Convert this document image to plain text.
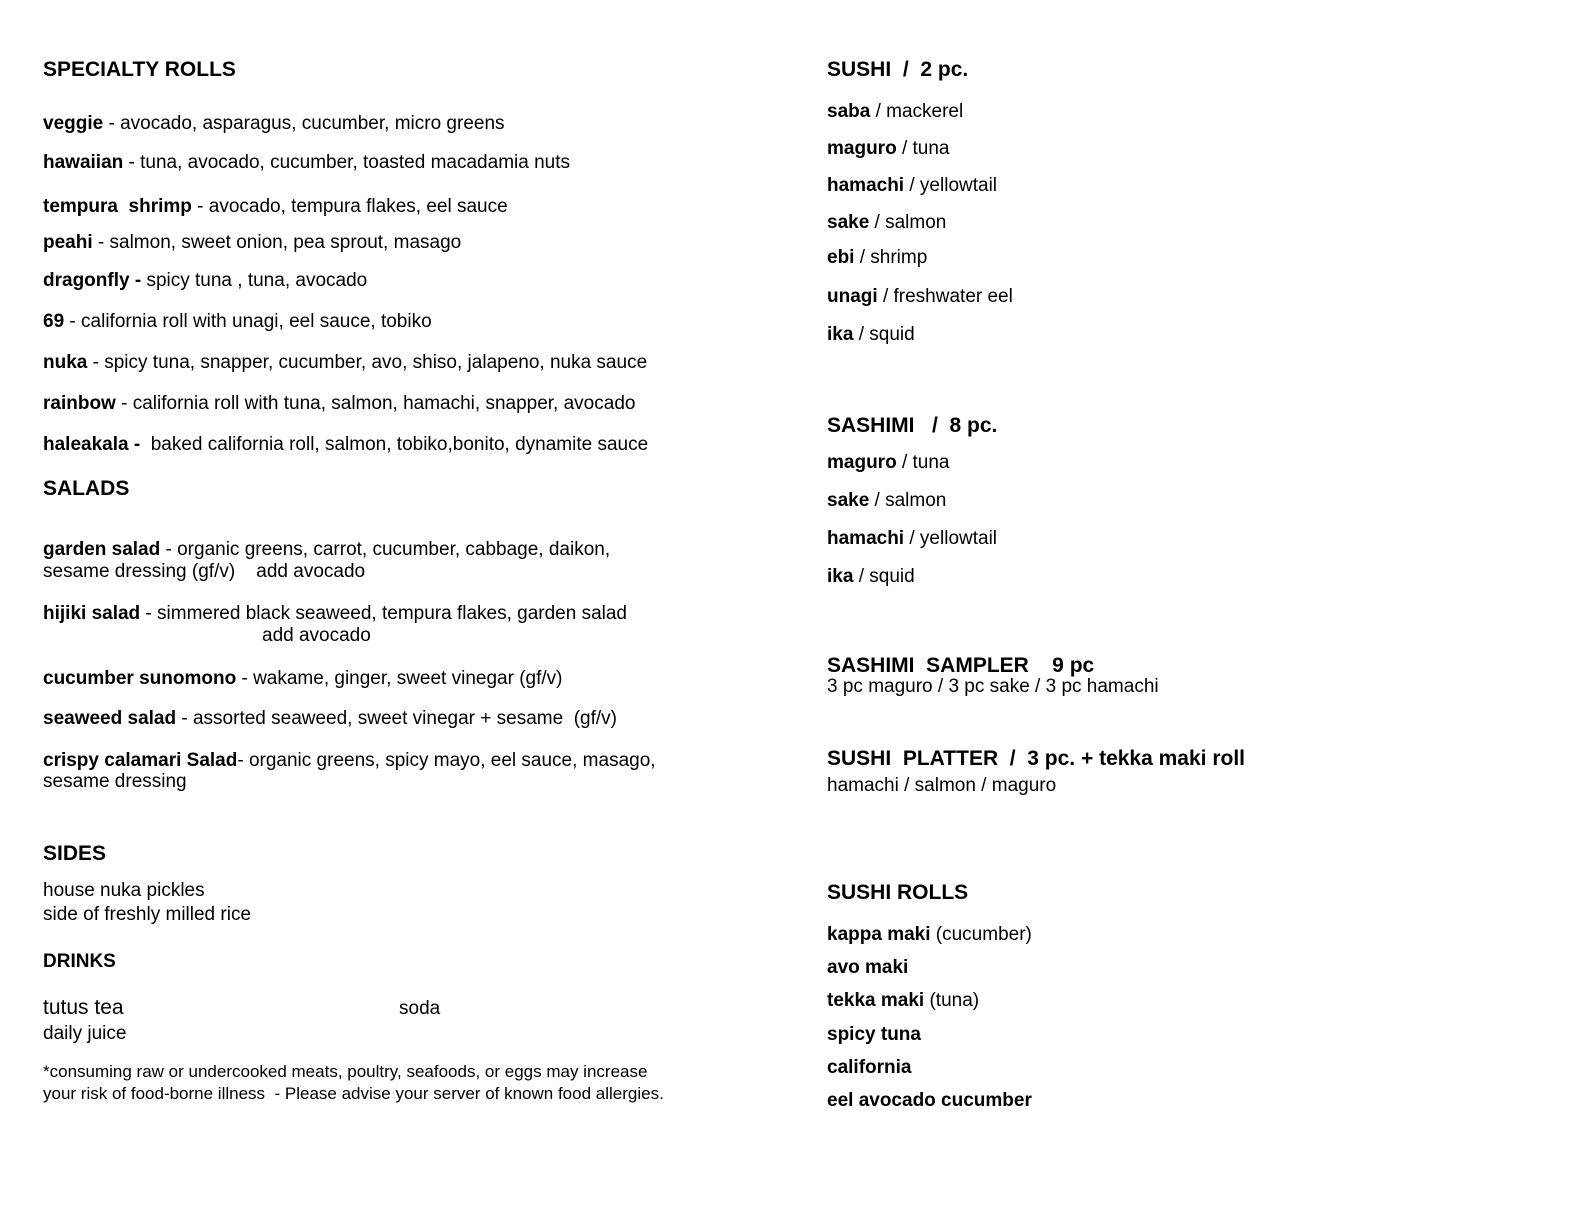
SPECIALTY ROLLS
veggie - avocado, asparagus, cucumber, micro greens
hawaiian - tuna, avocado, cucumber, toasted macadamia nuts
tempura  shrimp - avocado, tempura flakes, eel sauce
peahi - salmon, sweet onion, pea sprout, masago
dragonfly - spicy tuna , tuna, avocado
69 - california roll with unagi, eel sauce, tobiko
nuka - spicy tuna, snapper, cucumber, avo, shiso, jalapeno, nuka sauce
rainbow - california roll with tuna, salmon, hamachi, snapper, avocado
haleakala -  baked california roll, salmon, tobiko,bonito, dynamite sauce
SALADS
garden salad - organic greens, carrot, cucumber, cabbage, daikon,
sesame dressing (gf/v)    add avocado
hijiki salad - simmered black seaweed, tempura flakes, garden salad
add avocado
cucumber sunomono - wakame, ginger, sweet vinegar (gf/v)
seaweed salad - assorted seaweed, sweet vinegar + sesame  (gf/v)
crispy calamari Salad- organic greens, spicy mayo, eel sauce, masago,
sesame dressing
SIDES
house nuka pickles
side of freshly milled rice
DRINKS
tutus tea	soda
daily juice
*consuming raw or undercooked meats, poultry, seafoods, or eggs may increase
your risk of food-borne illness  - Please advise your server of known food allergies.
SUSHI  /  2 pc.
saba / mackerel
maguro / tuna
hamachi / yellowtail
sake / salmon
ebi / shrimp
unagi / freshwater eel
ika / squid
SASHIMI   /  8 pc.
maguro / tuna
sake / salmon
hamachi / yellowtail
ika / squid
SASHIMI  SAMPLER    9 pc
3 pc maguro / 3 pc sake / 3 pc hamachi
SUSHI  PLATTER  /  3 pc. + tekka maki roll
hamachi / salmon / maguro
SUSHI ROLLS
kappa maki (cucumber)
avo maki
tekka maki (tuna)
spicy tuna
california
eel avocado cucumber
